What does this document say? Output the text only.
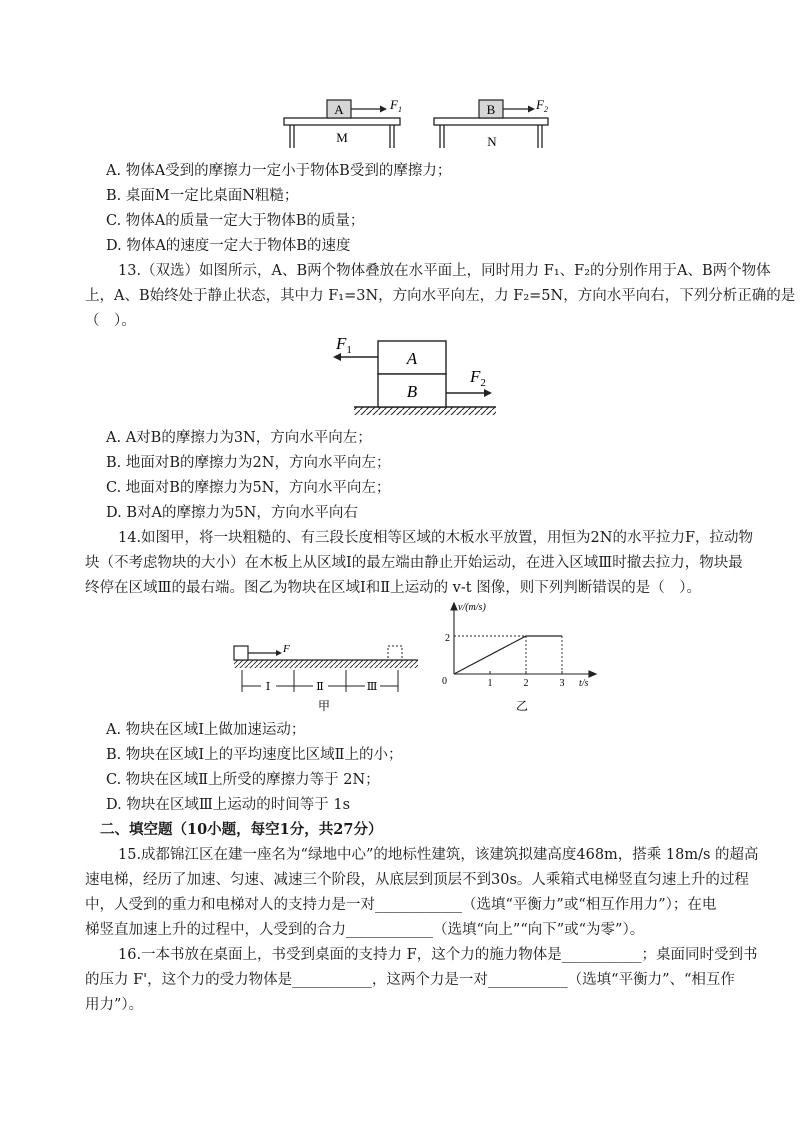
A	$F_1$
M
B	$F_2$
N
A. 物体A受到的摩擦力一定小于物体B受到的摩擦力；
B. 桌面M一定比桌面N粗糙；
C. 物体A的质量一定大于物体B的质量；
D. 物体A的速度一定大于物体B的速度
13.（双选）如图所示，A、B两个物体叠放在水平面上，同时用力 F₁、F₂的分别作用于A、B两个物体
上，A、B始终处于静止状态，其中力 F₁=3N，方向水平向左，力 F₂=5N，方向水平向右，下列分析正确的是
（　）。
A
B
$F_1$
$F_2$
A. A对B的摩擦力为3N，方向水平向左；
B. 地面对B的摩擦力为2N，方向水平向左；
C. 地面对B的摩擦力为5N，方向水平向左；
D. B对A的摩擦力为5N，方向水平向右
14.如图甲，将一块粗糙的、有三段长度相等区域的木板水平放置，用恒为2N的水平拉力F，拉动物
块（不考虑物块的大小）在木板上从区域Ⅰ的最左端由静止开始运动，在进入区域Ⅲ时撤去拉力，物块最
终停在区域Ⅲ的最右端。图乙为物块在区域Ⅰ和Ⅱ上运动的 v-t 图像，则下列判断错误的是（　）。
F
Ⅰ	Ⅱ	Ⅲ
甲
v/(m/s)
t/s
0
2
1	2	3
乙
A. 物块在区域Ⅰ上做加速运动；
B. 物块在区域Ⅰ上的平均速度比区域Ⅱ上的小；
C. 物块在区域Ⅱ上所受的摩擦力等于 2N；
D. 物块在区域Ⅲ上运动的时间等于 1s
二、填空题（10小题，每空1分，共27分）
15.成都锦江区在建一座名为“绿地中心”的地标性建筑，该建筑拟建高度468m，搭乘 18m/s 的超高
速电梯，经历了加速、匀速、减速三个阶段，从底层到顶层不到30s。人乘箱式电梯竖直匀速上升的过程
中，人受到的重力和电梯对人的支持力是一对____________（选填“平衡力”或“相互作用力”）；在电
梯竖直加速上升的过程中，人受到的合力____________（选填“向上”“向下”或“为零”）。
16.一本书放在桌面上，书受到桌面的支持力 F，这个力的施力物体是___________；桌面同时受到书
的压力 F'，这个力的受力物体是___________，这两个力是一对___________（选填“平衡力”、“相互作
用力”）。
